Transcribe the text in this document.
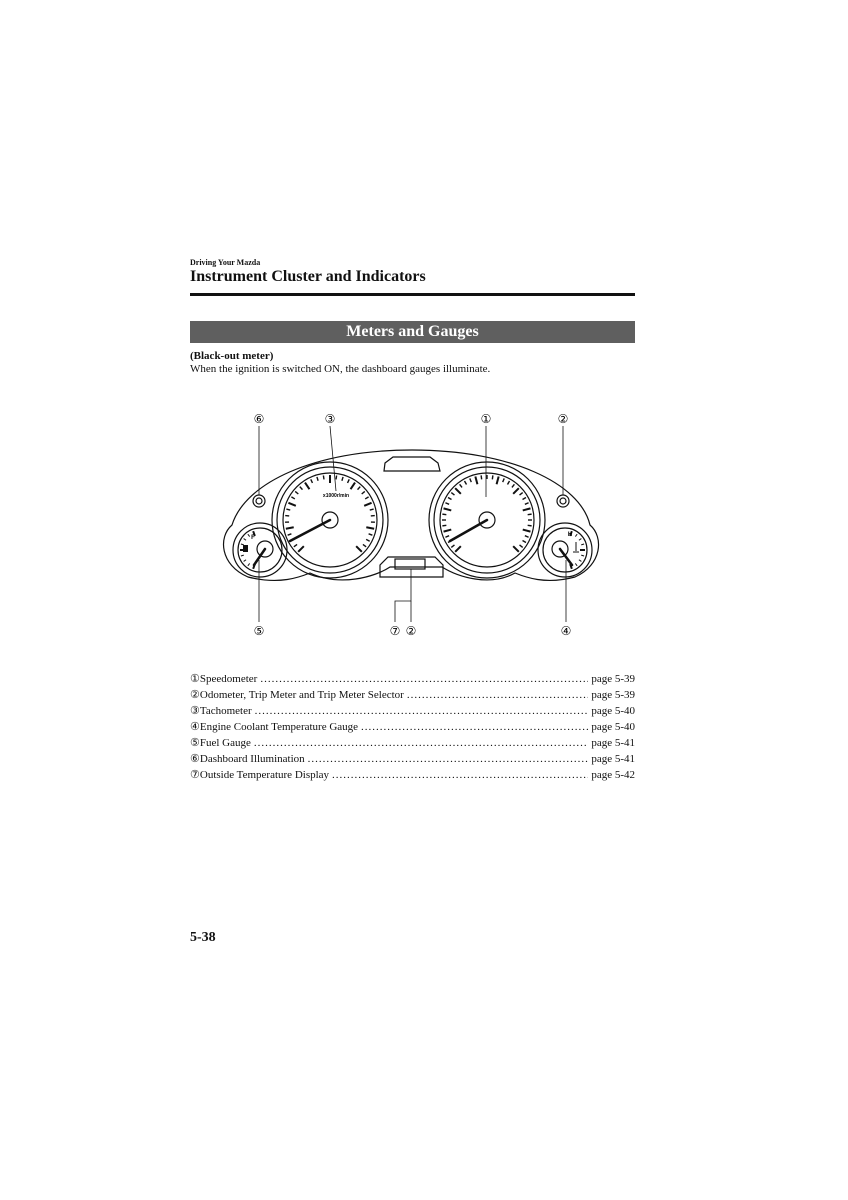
Driving Your Mazda
Instrument Cluster and Indicators
Meters and Gauges
(Black-out meter)
When the ignition is switched ON, the dashboard gauges illuminate.
x1000r/min
F	H
⑥	③	①	②
⑤	⑦ ②	④
①Speedometer .....	page 5-39
②Odometer, Trip Meter and Trip Meter Selector .....	page 5-39
③Tachometer .....	page 5-40
④Engine Coolant Temperature Gauge .....	page 5-40
⑤Fuel Gauge .....	page 5-41
⑥Dashboard Illumination .....	page 5-41
⑦Outside Temperature Display .....	page 5-42
5-38
